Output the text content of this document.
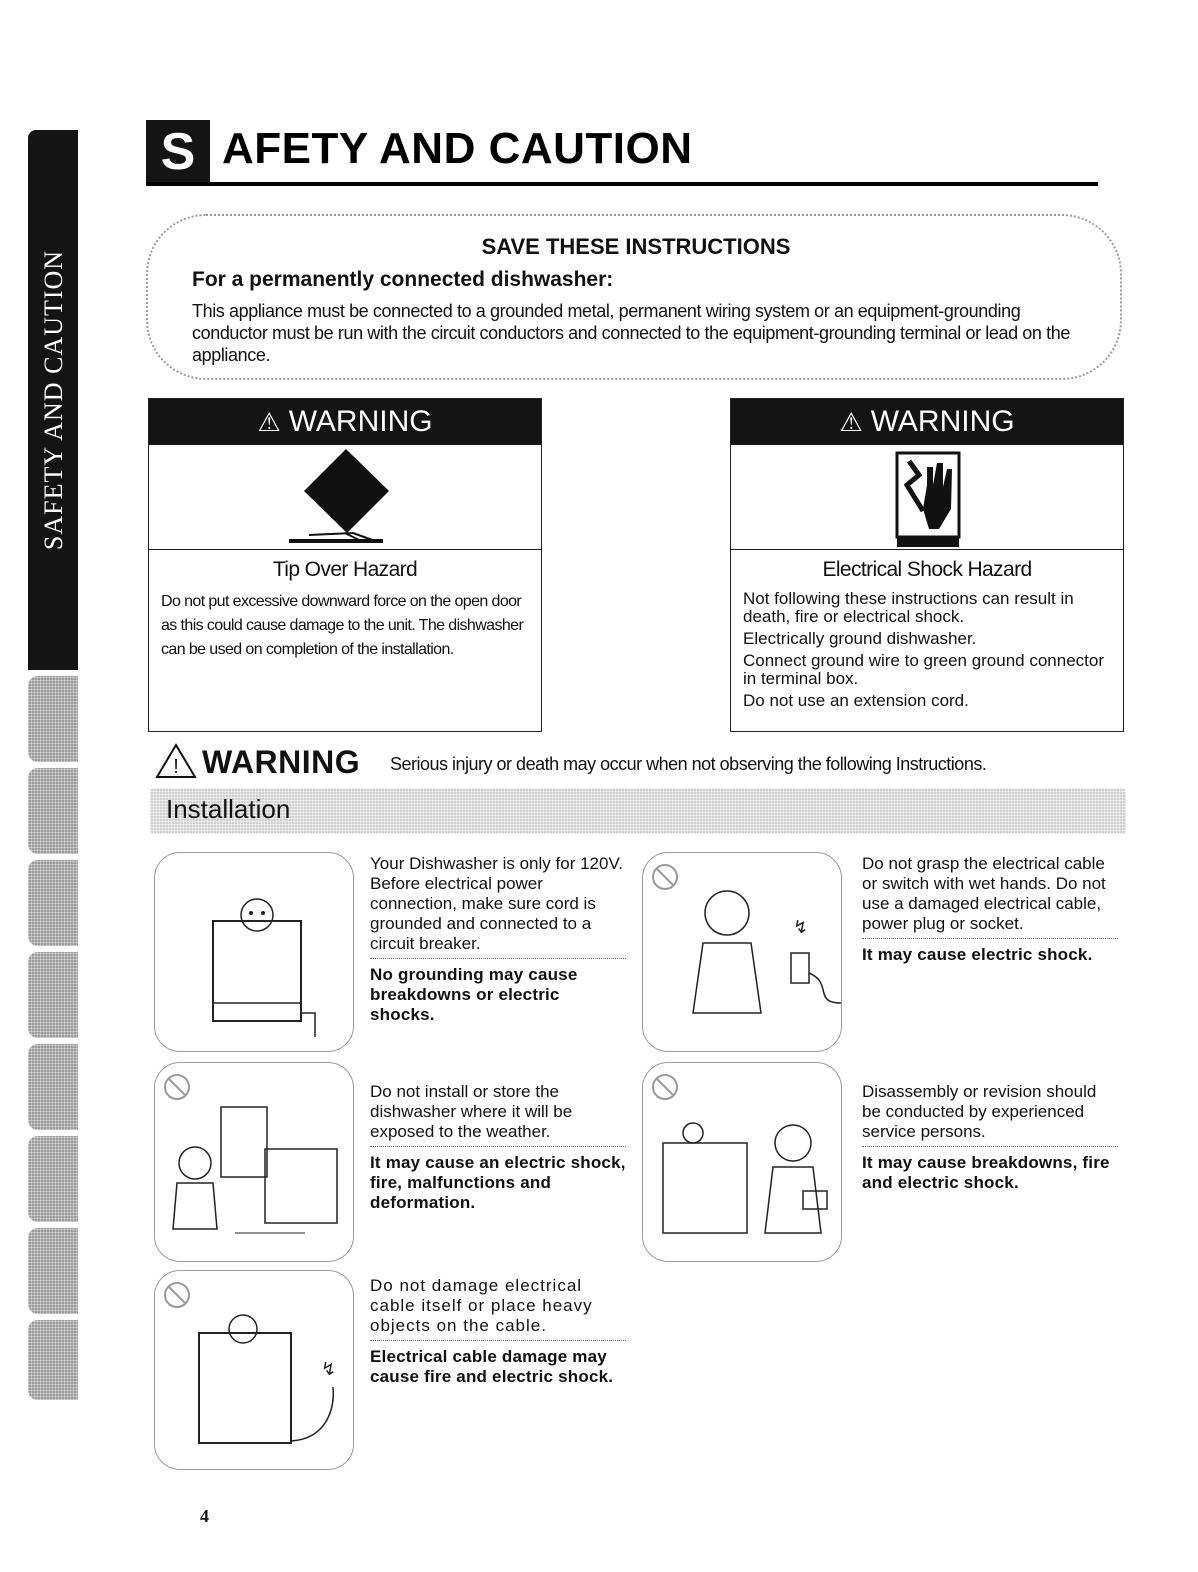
SAFETY AND CAUTION
S AFETY AND CAUTION
SAVE THESE INSTRUCTIONS
For a permanently connected dishwasher:
This appliance must be connected to a grounded metal, permanent wiring system or an equipment-grounding conductor must be run with the circuit conductors and connected to the equipment-grounding terminal or lead on the appliance.
⚠ WARNING
Tip Over Hazard
Do not put excessive downward force on the open door as this could cause damage to the unit. The dishwasher can be used on completion of the installation.
⚠ WARNING
Electrical Shock Hazard

Not following these instructions can result in death, fire or electrical shock.

Electrically ground dishwasher.

Connect ground wire to green ground connector in terminal box.

Do not use an extension cord.

! WARNING Serious injury or death may occur when not observing the following Instructions.
Installation
Your Dishwasher is only for 120V. Before electrical power connection, make sure cord is grounded and connected to a circuit breaker.
No grounding may cause breakdowns or electric shocks.
↯
Do not grasp the electrical cable or switch with wet hands. Do not use a damaged electrical cable, power plug or socket.
It may cause electric shock.
Do not install or store the dishwasher where it will be exposed to the weather.
It may cause an electric shock, fire, malfunctions and deformation.
Disassembly or revision should be conducted by experienced service persons.
It may cause breakdowns, fire and electric shock.
↯
Do not damage electrical cable itself or place heavy objects on the cable.
Electrical cable damage may cause fire and electric shock.
4
